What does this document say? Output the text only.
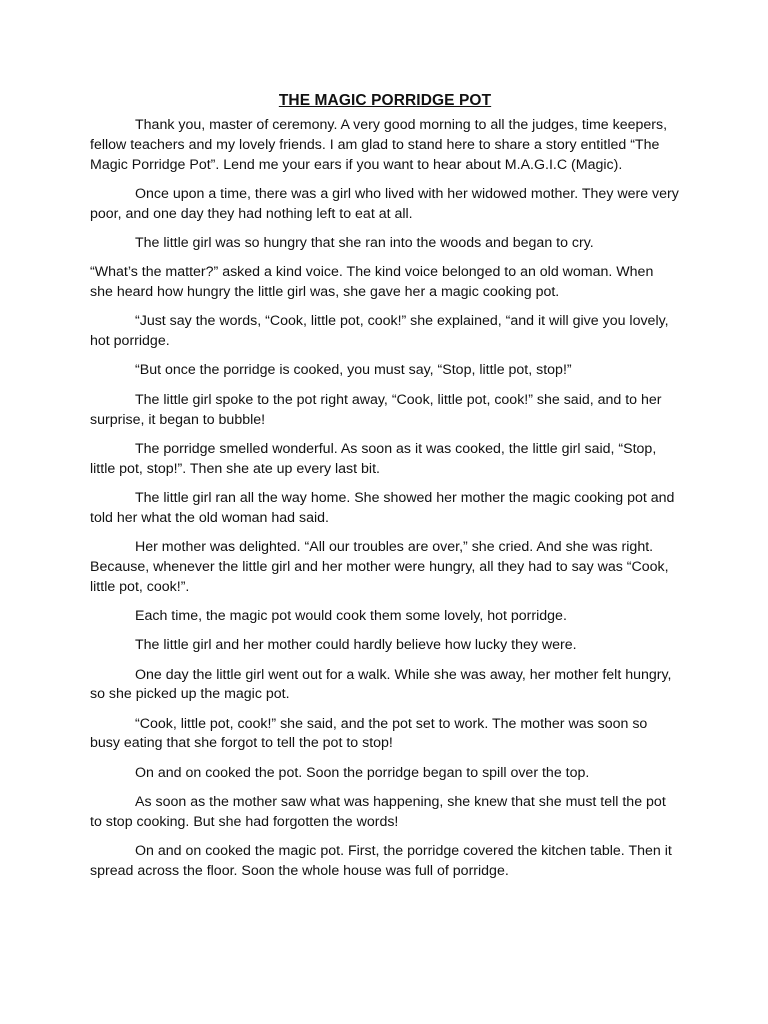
THE MAGIC PORRIDGE POT

Thank you, master of ceremony. A very good morning to all the judges, time keepers, fellow teachers and my lovely friends. I am glad to stand here to share a story entitled “The Magic Porridge Pot”. Lend me your ears if you want to hear about M.A.G.I.C (Magic).

Once upon a time, there was a girl who lived with her widowed mother. They were very poor, and one day they had nothing left to eat at all.

The little girl was so hungry that she ran into the woods and began to cry.

“What’s the matter?” asked a kind voice. The kind voice belonged to an old woman. When she heard how hungry the little girl was, she gave her a magic cooking pot.

“Just say the words, “Cook, little pot, cook!” she explained, “and it will give you lovely, hot porridge.

“But once the porridge is cooked, you must say, “Stop, little pot, stop!”

The little girl spoke to the pot right away, “Cook, little pot, cook!” she said, and to her surprise, it began to bubble!

The porridge smelled wonderful. As soon as it was cooked, the little girl said, “Stop, little pot, stop!”. Then she ate up every last bit.

The little girl ran all the way home. She showed her mother the magic cooking pot and told her what the old woman had said.

Her mother was delighted. “All our troubles are over,” she cried. And she was right. Because, whenever the little girl and her mother were hungry, all they had to say was “Cook, little pot, cook!”.

Each time, the magic pot would cook them some lovely, hot porridge.

The little girl and her mother could hardly believe how lucky they were.

One day the little girl went out for a walk. While she was away, her mother felt hungry, so she picked up the magic pot.

“Cook, little pot, cook!” she said, and the pot set to work. The mother was soon so busy eating that she forgot to tell the pot to stop!

On and on cooked the pot. Soon the porridge began to spill over the top.

As soon as the mother saw what was happening, she knew that she must tell the pot to stop cooking. But she had forgotten the words!

On and on cooked the magic pot. First, the porridge covered the kitchen table. Then it spread across the floor. Soon the whole house was full of porridge.
